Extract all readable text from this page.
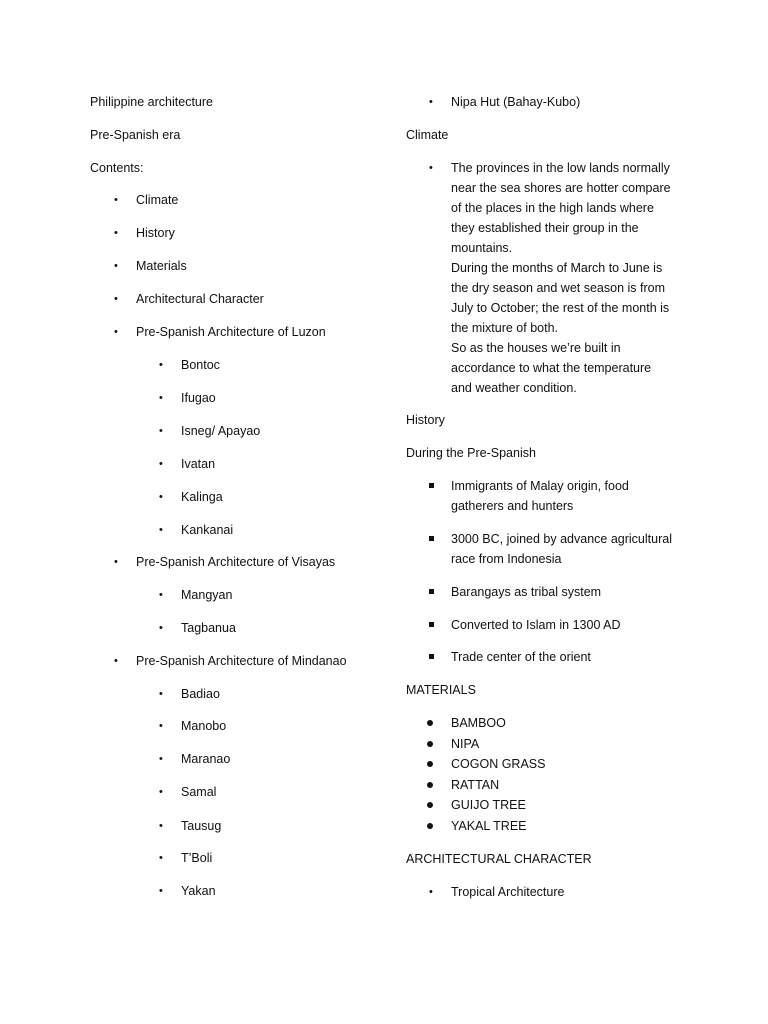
Philippine architecture
Pre-Spanish era
Contents:
• Climate
• History
• Materials
• Architectural Character
• Pre-Spanish Architecture of Luzon
• Bontoc
• Ifugao
• Isneg/ Apayao
• Ivatan
• Kalinga
• Kankanai
• Pre-Spanish Architecture of Visayas
• Mangyan
• Tagbanua
• Pre-Spanish Architecture of Mindanao
• Badiao
• Manobo
• Maranao
• Samal
• Tausug
• T’Boli
• Yakan
• Nipa Hut (Bahay-Kubo)
Climate
• The provinces in the low lands normally
near the sea shores are hotter compare
of the places in the high lands where
they established their group in the
mountains.
During the months of March to June is
the dry season and wet season is from
July to October; the rest of the month is
the mixture of both.
So as the houses we’re built in
accordance to what the temperature
and weather condition.
History
During the Pre-Spanish
Immigrants of Malay origin, food
gatherers and hunters
3000 BC, joined by advance agricultural
race from Indonesia
Barangays as tribal system
Converted to Islam in 1300 AD
Trade center of the orient
MATERIALS
BAMBOO
NIPA
COGON GRASS
RATTAN
GUIJO TREE
YAKAL TREE
ARCHITECTURAL CHARACTER
• Tropical Architecture
